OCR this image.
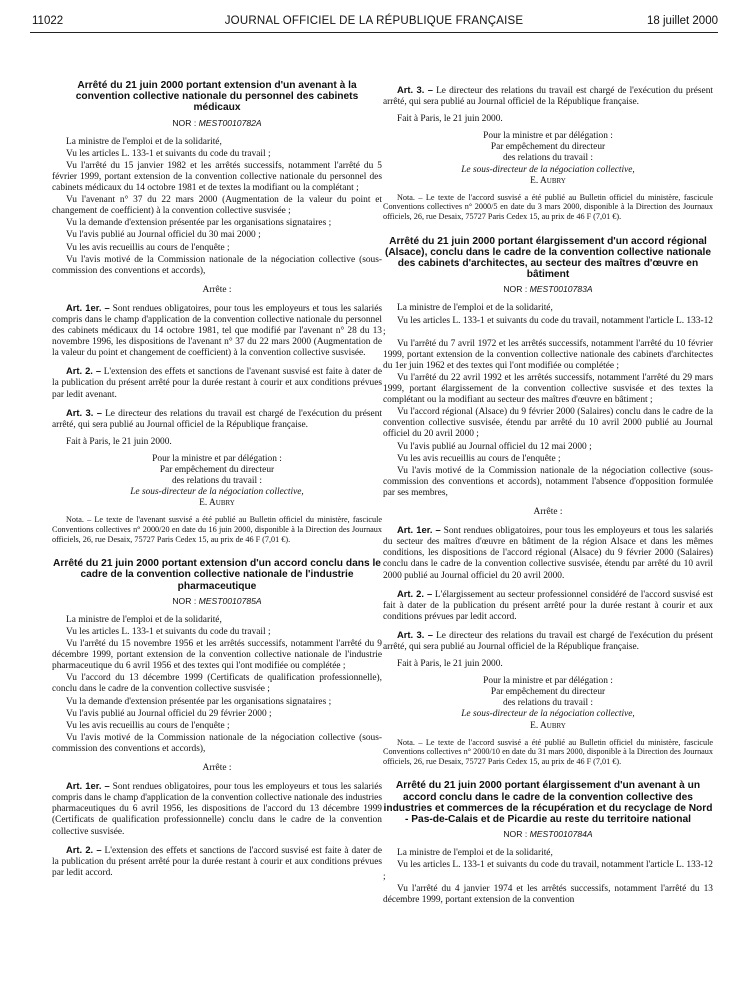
11022	JOURNAL OFFICIEL DE LA RÉPUBLIQUE FRANÇAISE	18 juillet 2000
Arrêté du 21 juin 2000 portant extension d'un avenant à la convention collective nationale du personnel des cabinets médicaux
NOR : MEST0010782A

La ministre de l'emploi et de la solidarité,

Vu les articles L. 133-1 et suivants du code du travail ;

Vu l'arrêté du 15 janvier 1982 et les arrêtés successifs, notamment l'arrêté du 5 février 1999, portant extension de la convention collective nationale du personnel des cabinets médicaux du 14 octobre 1981 et de textes la modifiant ou la complétant ;

Vu l'avenant n° 37 du 22 mars 2000 (Augmentation de la valeur du point et changement de coefficient) à la convention collective susvisée ;

Vu la demande d'extension présentée par les organisations signataires ;

Vu l'avis publié au Journal officiel du 30 mai 2000 ;

Vu les avis recueillis au cours de l'enquête ;

Vu l'avis motivé de la Commission nationale de la négociation collective (sous-commission des conventions et accords),

Arrête :

Art. 1er. – Sont rendues obligatoires, pour tous les employeurs et tous les salariés compris dans le champ d'application de la convention collective nationale du personnel des cabinets médicaux du 14 octobre 1981, tel que modifié par l'avenant n° 28 du 13 novembre 1996, les dispositions de l'avenant n° 37 du 22 mars 2000 (Augmentation de la valeur du point et changement de coefficient) à la convention collective susvisée.

Art. 2. – L'extension des effets et sanctions de l'avenant susvisé est faite à dater de la publication du présent arrêté pour la durée restant à courir et aux conditions prévues par ledit avenant.

Art. 3. – Le directeur des relations du travail est chargé de l'exécution du présent arrêté, qui sera publié au Journal officiel de la République française.

Fait à Paris, le 21 juin 2000.

Pour la ministre et par délégation :

Par empêchement du directeur

des relations du travail :

Le sous-directeur de la négociation collective,

E. Aubry

Nota. – Le texte de l'avenant susvisé a été publié au Bulletin officiel du ministère, fascicule Conventions collectives n° 2000/20 en date du 16 juin 2000, disponible à la Direction des Journaux officiels, 26, rue Desaix, 75727 Paris Cedex 15, au prix de 46 F (7,01 €).

Arrêté du 21 juin 2000 portant extension d'un accord conclu dans le cadre de la convention collective nationale de l'industrie pharmaceutique
NOR : MEST0010785A

La ministre de l'emploi et de la solidarité,

Vu les articles L. 133-1 et suivants du code du travail ;

Vu l'arrêté du 15 novembre 1956 et les arrêtés successifs, notamment l'arrêté du 9 décembre 1999, portant extension de la convention collective nationale de l'industrie pharmaceutique du 6 avril 1956 et des textes qui l'ont modifiée ou complétée ;

Vu l'accord du 13 décembre 1999 (Certificats de qualification professionnelle), conclu dans le cadre de la convention collective susvisée ;

Vu la demande d'extension présentée par les organisations signataires ;

Vu l'avis publié au Journal officiel du 29 février 2000 ;

Vu les avis recueillis au cours de l'enquête ;

Vu l'avis motivé de la Commission nationale de la négociation collective (sous-commission des conventions et accords),

Arrête :

Art. 1er. – Sont rendues obligatoires, pour tous les employeurs et tous les salariés compris dans le champ d'application de la convention collective nationale des industries pharmaceutiques du 6 avril 1956, les dispositions de l'accord du 13 décembre 1999 (Certificats de qualification professionnelle) conclu dans le cadre de la convention collective susvisée.

Art. 2. – L'extension des effets et sanctions de l'accord susvisé est faite à dater de la publication du présent arrêté pour la durée restant à courir et aux conditions prévues par ledit accord.

Art. 3. – Le directeur des relations du travail est chargé de l'exécution du présent arrêté, qui sera publié au Journal officiel de la République française.

Fait à Paris, le 21 juin 2000.

Pour la ministre et par délégation :

Par empêchement du directeur

des relations du travail :

Le sous-directeur de la négociation collective,

E. Aubry

Nota. – Le texte de l'accord susvisé a été publié au Bulletin officiel du ministère, fascicule Conventions collectives n° 2000/5 en date du 3 mars 2000, disponible à la Direction des Journaux officiels, 26, rue Desaix, 75727 Paris Cedex 15, au prix de 46 F (7,01 €).

Arrêté du 21 juin 2000 portant élargissement d'un accord régional (Alsace), conclu dans le cadre de la convention collective nationale des cabinets d'architectes, au secteur des maîtres d'œuvre en bâtiment
NOR : MEST0010783A

La ministre de l'emploi et de la solidarité,

Vu les articles L. 133-1 et suivants du code du travail, notamment l'article L. 133-12 ;

Vu l'arrêté du 7 avril 1972 et les arrêtés successifs, notamment l'arrêté du 10 février 1999, portant extension de la convention collective nationale des cabinets d'architectes du 1er juin 1962 et des textes qui l'ont modifiée ou complétée ;

Vu l'arrêté du 22 avril 1992 et les arrêtés successifs, notamment l'arrêté du 29 mars 1999, portant élargissement de la convention collective susvisée et des textes la complétant ou la modifiant au secteur des maîtres d'œuvre en bâtiment ;

Vu l'accord régional (Alsace) du 9 février 2000 (Salaires) conclu dans le cadre de la convention collective susvisée, étendu par arrêté du 10 avril 2000 publié au Journal officiel du 20 avril 2000 ;

Vu l'avis publié au Journal officiel du 12 mai 2000 ;

Vu les avis recueillis au cours de l'enquête ;

Vu l'avis motivé de la Commission nationale de la négociation collective (sous-commission des conventions et accords), notamment l'absence d'opposition formulée par ses membres,

Arrête :

Art. 1er. – Sont rendues obligatoires, pour tous les employeurs et tous les salariés du secteur des maîtres d'œuvre en bâtiment de la région Alsace et dans les mêmes conditions, les dispositions de l'accord régional (Alsace) du 9 février 2000 (Salaires) conclu dans le cadre de la convention collective susvisée, étendu par arrêté du 10 avril 2000 publié au Journal officiel du 20 avril 2000.

Art. 2. – L'élargissement au secteur professionnel considéré de l'accord susvisé est fait à dater de la publication du présent arrêté pour la durée restant à courir et aux conditions prévues par ledit accord.

Art. 3. – Le directeur des relations du travail est chargé de l'exécution du présent arrêté, qui sera publié au Journal officiel de la République française.

Fait à Paris, le 21 juin 2000.

Pour la ministre et par délégation :

Par empêchement du directeur

des relations du travail :

Le sous-directeur de la négociation collective,

E. Aubry

Nota. – Le texte de l'accord susvisé a été publié au Bulletin officiel du ministère, fascicule Conventions collectives n° 2000/10 en date du 31 mars 2000, disponible à la Direction des Journaux officiels, 26, rue Desaix, 75727 Paris Cedex 15, au prix de 46 F (7,01 €).

Arrêté du 21 juin 2000 portant élargissement d'un avenant à un accord conclu dans le cadre de la convention collective des industries et commerces de la récupération et du recyclage de Nord - Pas-de-Calais et de Picardie au reste du territoire national
NOR : MEST0010784A

La ministre de l'emploi et de la solidarité,

Vu les articles L. 133-1 et suivants du code du travail, notamment l'article L. 133-12 ;

Vu l'arrêté du 4 janvier 1974 et les arrêtés successifs, notamment l'arrêté du 13 décembre 1999, portant extension de la convention
